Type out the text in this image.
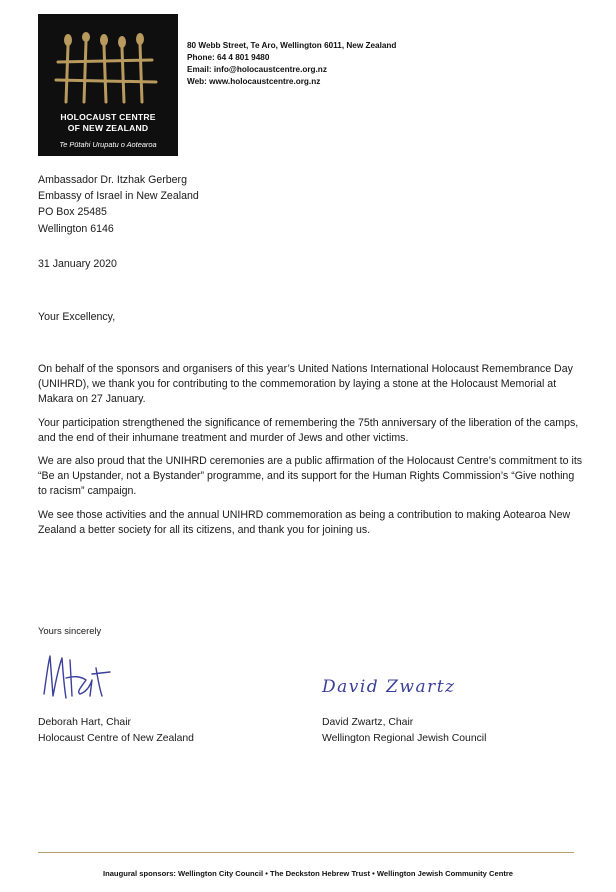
HOLOCAUST CENTRE
OF NEW ZEALAND
Te Pūtahi Urupatu o Aotearoa
80 Webb Street, Te Aro, Wellington 6011, New Zealand
Phone: 64 4 801 9480
Email: info@holocaustcentre.org.nz
Web: www.holocaustcentre.org.nz
Ambassador Dr. Itzhak Gerberg
Embassy of Israel in New Zealand
PO Box 25485
Wellington 6146
31 January 2020
Your Excellency,

On behalf of the sponsors and organisers of this year’s United Nations International Holocaust Remembrance Day (UNIHRD), we thank you for contributing to the commemoration by laying a stone at the Holocaust Memorial at Makara on 27 January.

Your participation strengthened the significance of remembering the 75th anniversary of the liberation of the camps, and the end of their inhumane treatment and murder of Jews and other victims.

We are also proud that the UNIHRD ceremonies are a public affirmation of the Holocaust Centre’s commitment to its “Be an Upstander, not a Bystander” programme, and its support for the Human Rights Commission’s “Give nothing to racism” campaign.

We see those activities and the annual UNIHRD commemoration as being a contribution to making Aotearoa New Zealand a better society for all its citizens, and thank you for joining us.

Yours sincerely
David Zwartz
Deborah Hart, Chair
Holocaust Centre of New Zealand
David Zwartz, Chair
Wellington Regional Jewish Council
Inaugural sponsors: Wellington City Council • The Deckston Hebrew Trust • Wellington Jewish Community Centre
